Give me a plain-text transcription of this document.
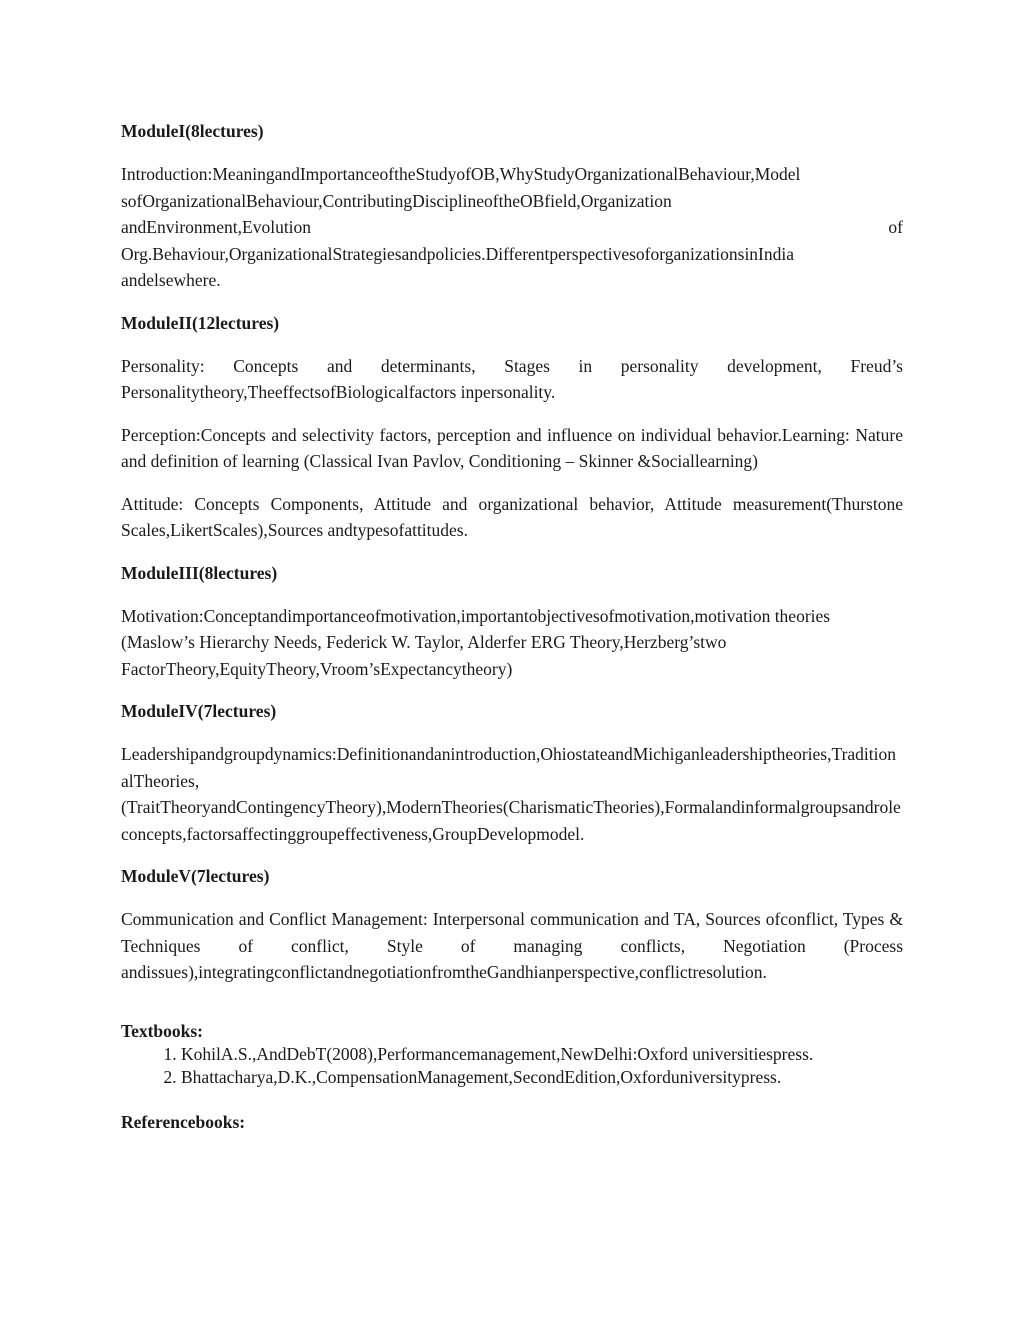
ModuleI(8lectures)
Introduction:MeaningandImportanceoftheStudyofOB,WhyStudyOrganizationalBehaviour,Model
sofOrganizationalBehaviour,ContributingDisciplineoftheOBfield,Organization
andEnvironment,Evolution of
Org.Behaviour,OrganizationalStrategiesandpolicies.DifferentperspectivesoforganizationsinIndia
andelsewhere.
ModuleII(12lectures)

Personality: Concepts and determinants, Stages in personality development, Freud’s Personalitytheory,TheeffectsofBiologicalfactors inpersonality.

Perception:Concepts and selectivity factors, perception and influence on individual behavior.Learning: Nature and definition of learning (Classical Ivan Pavlov, Conditioning – Skinner &Sociallearning)

Attitude: Concepts Components, Attitude and organizational behavior, Attitude measurement(Thurstone Scales,LikertScales),Sources andtypesofattitudes.

ModuleIII(8lectures)

Motivation:Conceptandimportanceofmotivation,importantobjectivesofmotivation,motivation theories (Maslow’s Hierarchy Needs, Federick W. Taylor, Alderfer ERG Theory,Herzberg’stwo FactorTheory,EquityTheory,Vroom’sExpectancytheory)

ModuleIV(7lectures)

Leadershipandgroupdynamics:Definitionandanintroduction,OhiostateandMichiganleadershiptheories,TraditionalTheories,(TraitTheoryandContingencyTheory),ModernTheories(CharismaticTheories),Formalandinformalgroupsandroleconcepts,factorsaffectinggroupeffectiveness,GroupDevelopmodel.

ModuleV(7lectures)

Communication and Conflict Management: Interpersonal communication and TA, Sources ofconflict, Types & Techniques of conflict, Style of managing conflicts, Negotiation (Process andissues),integratingconflictandnegotiationfromtheGandhianperspective,conflictresolution.

Textbooks:
1. KohilA.S.,AndDebT(2008),Performancemanagement,NewDelhi:Oxford universitiespress.
2. Bhattacharya,D.K.,CompensationManagement,SecondEdition,Oxforduniversitypress.
Referencebooks:
